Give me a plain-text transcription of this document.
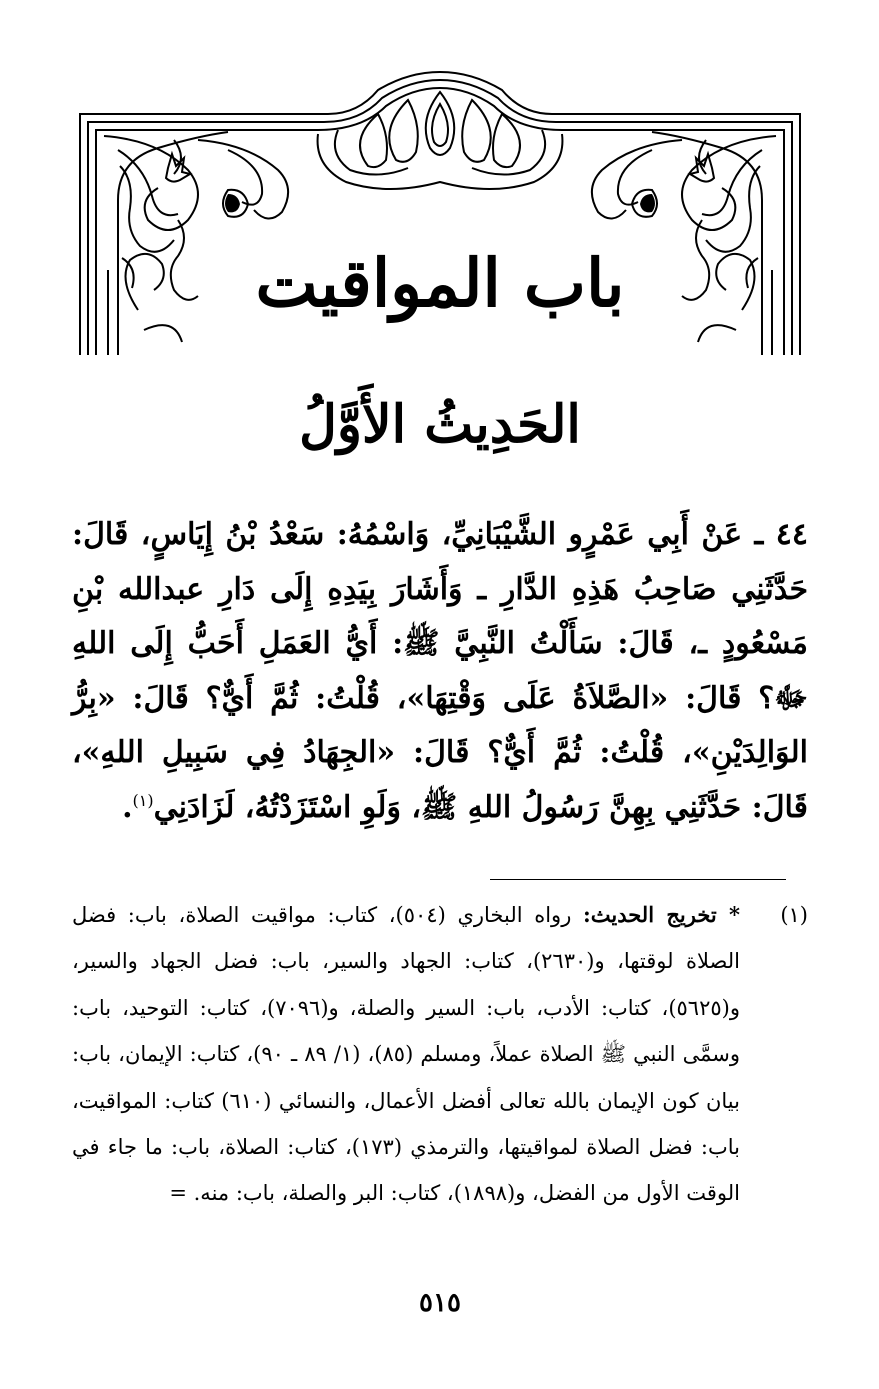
باب المواقيت
الحَدِيثُ الأَوَّلُ

٤٤ ـ عَنْ أَبِي عَمْرٍو الشَّيْبَانِيِّ، وَاسْمُهُ: سَعْدُ بْنُ إِيَاسٍ، قَالَ: حَدَّثَنِي صَاحِبُ هَذِهِ الدَّارِ ـ وَأَشَارَ بِيَدِهِ إِلَى دَارِ عبدالله بْنِ مَسْعُودٍ ـ، قَالَ: سَأَلْتُ النَّبِيَّ ﷺ: أَيُّ العَمَلِ أَحَبُّ إِلَى اللهِ ﷻ؟ قَالَ: «الصَّلاَةُ عَلَى وَقْتِهَا»، قُلْتُ: ثُمَّ أَيٌّ؟ قَالَ: «بِرُّ الوَالِدَيْنِ»، قُلْتُ: ثُمَّ أَيٌّ؟ قَالَ: «الجِهَادُ فِي سَبِيلِ اللهِ»، قَالَ: حَدَّثَنِي بِهِنَّ رَسُولُ اللهِ ﷺ، وَلَوِ اسْتَزَدْتُهُ، لَزَادَنِي$^{(١)}$.

(١)

* تخريج الحديث: رواه البخاري (٥٠٤)، كتاب: مواقيت الصلاة، باب: فضل الصلاة لوقتها، و(٢٦٣٠)، كتاب: الجهاد والسير، باب: فضل الجهاد والسير، و(٥٦٢٥)، كتاب: الأدب، باب: السير والصلة، و(٧٠٩٦)، كتاب: التوحيد، باب: وسمَّى النبي ﷺ الصلاة عملاً، ومسلم (٨٥)، (١/ ٨٩ ـ ٩٠)، كتاب: الإيمان، باب: بيان كون الإيمان بالله تعالى أفضل الأعمال، والنسائي (٦١٠) كتاب: المواقيت، باب: فضل الصلاة لمواقيتها، والترمذي (١٧٣)، كتاب: الصلاة، باب: ما جاء في الوقت الأول من الفضل، و(١٨٩٨)، كتاب: البر والصلة، باب: منه. =

٥١٥
